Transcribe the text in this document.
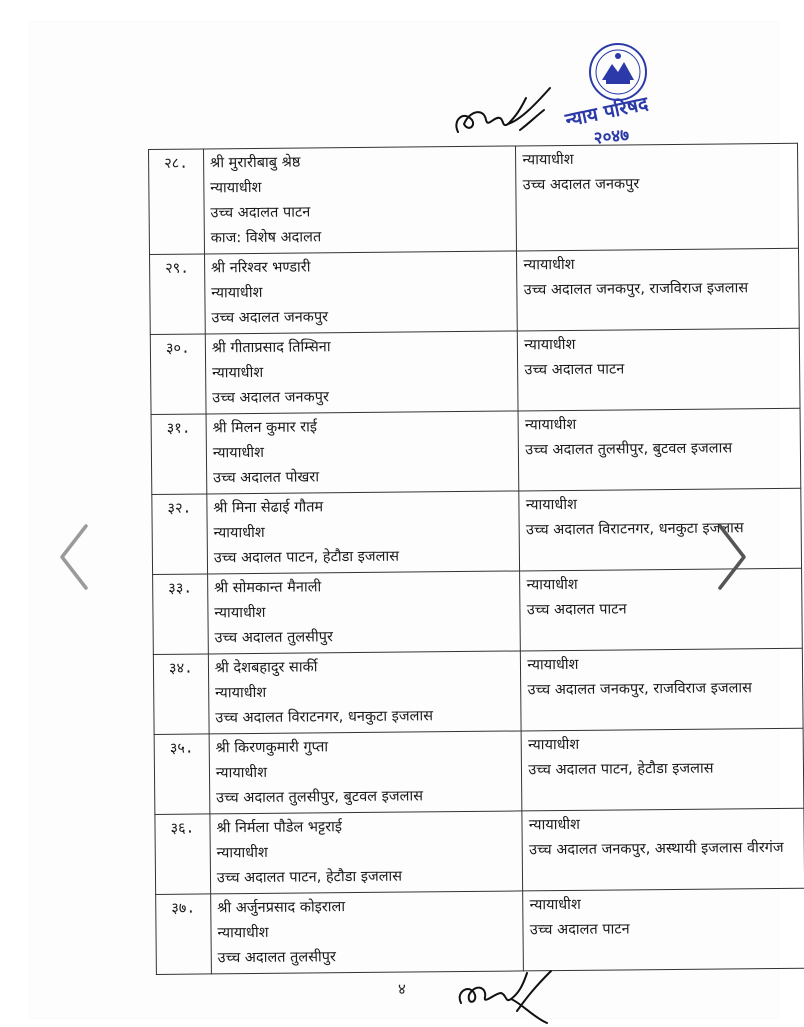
न्याय परिषद
२०४७
२८.	श्री मुरारीबाबु श्रेष्ठ
न्यायाधीश
उच्च अदालत पाटन
काज: विशेष अदालत	न्यायाधीश
उच्च अदालत जनकपुर

२९.	श्री नरिश्वर भण्डारी
न्यायाधीश
उच्च अदालत जनकपुर	न्यायाधीश
उच्च अदालत जनकपुर, राजविराज इजलास

३०.	श्री गीताप्रसाद तिम्सिना
न्यायाधीश
उच्च अदालत जनकपुर	न्यायाधीश
उच्च अदालत पाटन

३१.	श्री मिलन कुमार राई
न्यायाधीश
उच्च अदालत पोखरा	न्यायाधीश
उच्च अदालत तुलसीपुर, बुटवल इजलास

३२.	श्री मिना सेढाई गौतम
न्यायाधीश
उच्च अदालत पाटन, हेटौडा इजलास	न्यायाधीश
उच्च अदालत विराटनगर, धनकुटा इजलास

३३.	श्री सोमकान्त मैनाली
न्यायाधीश
उच्च अदालत तुलसीपुर	न्यायाधीश
उच्च अदालत पाटन

३४.	श्री देशबहादुर सार्की
न्यायाधीश
उच्च अदालत विराटनगर, धनकुटा इजलास	न्यायाधीश
उच्च अदालत जनकपुर, राजविराज इजलास

३५.	श्री किरणकुमारी गुप्ता
न्यायाधीश
उच्च अदालत तुलसीपुर, बुटवल इजलास	न्यायाधीश
उच्च अदालत पाटन, हेटौडा इजलास

३६.	श्री निर्मला पौडेल भट्टराई
न्यायाधीश
उच्च अदालत पाटन, हेटौडा इजलास	न्यायाधीश
उच्च अदालत जनकपुर, अस्थायी इजलास वीरगंज

३७.	श्री अर्जुनप्रसाद कोइराला
न्यायाधीश
उच्च अदालत तुलसीपुर	न्यायाधीश
उच्च अदालत पाटन
४
